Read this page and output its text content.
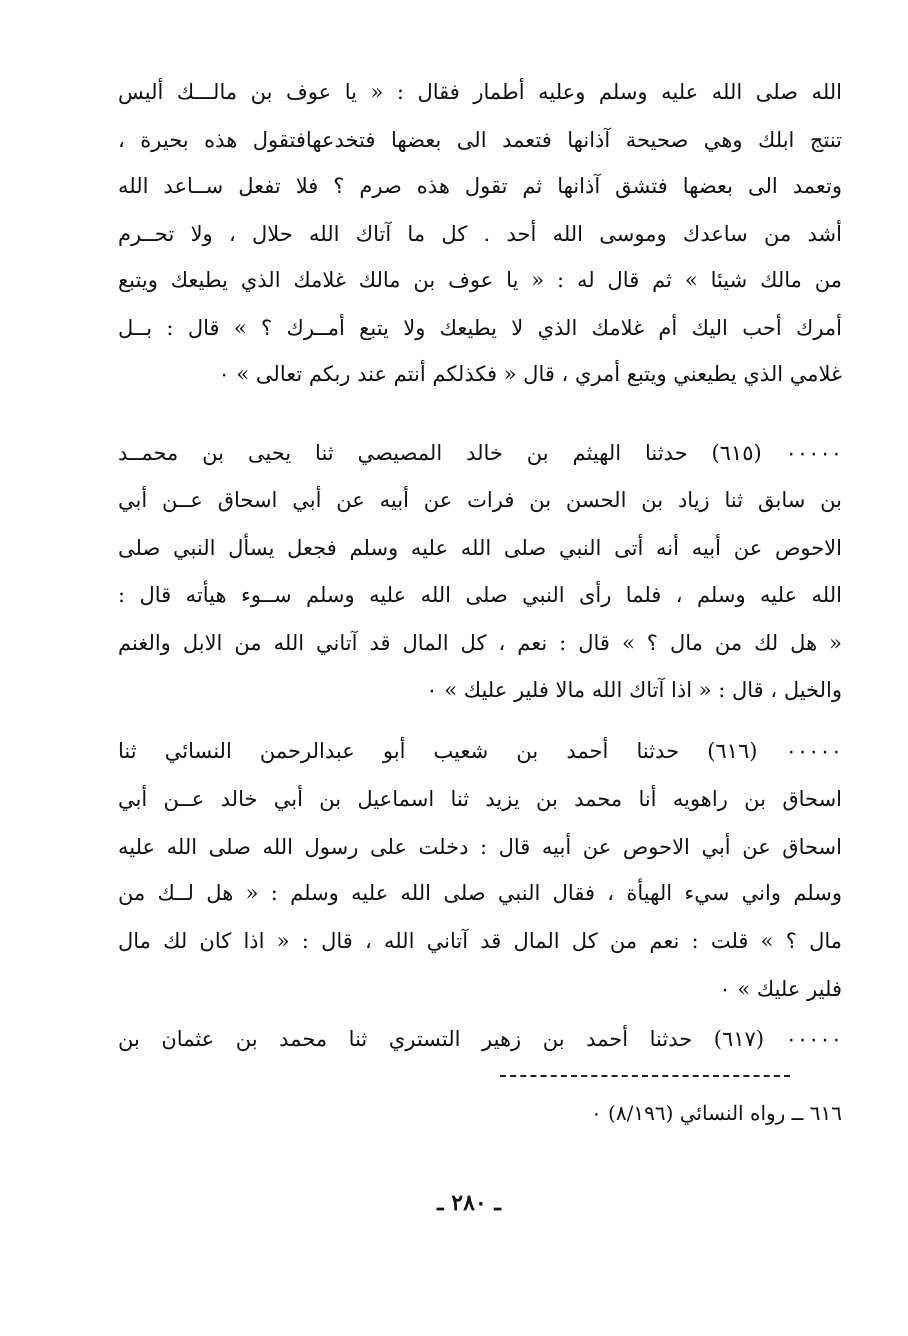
الله صلى الله عليه وسلم وعليه أطمار فقال : « يا عوف بن مالـــك أليس
تنتج ابلك وهي صحيحة آذانها فتعمد الى بعضها فتخدعهافتقول هذه بحيرة ،
وتعمد الى بعضها فتشق آذانها ثم تقول هذه صرم ؟ فلا تفعل ســاعد الله
أشد من ساعدك وموسى الله أحد . كل ما آتاك الله حلال ، ولا تحــرم
من مالك شيئا » ثم قال له : « يا عوف بن مالك غلامك الذي يطيعك ويتبع
أمرك أحب اليك أم غلامك الذي لا يطيعك ولا يتبع أمــرك ؟ » قال : بــل
غلامي الذي يطيعني ويتبع أمري ، قال « فكذلكم أنتم عند ربكم تعالى » ٠
٠٠٠٠٠ (٦١٥) حدثنا الهيثم بن خالد المصيصي ثنا يحيى بن محمــد
بن سابق ثنا زياد بن الحسن بن فرات عن أبيه عن أبي اسحاق عــن أبي
الاحوص عن أبيه أنه أتى النبي صلى الله عليه وسلم فجعل يسأل النبي صلى
الله عليه وسلم ، فلما رأى النبي صلى الله عليه وسلم ســوء هيأته قال :
« هل لك من مال ؟ » قال : نعم ، كل المال قد آتاني الله من الابل والغنم
والخيل ، قال : « اذا آتاك الله مالا فلير عليك » ٠
٠٠٠٠٠ (٦١٦) حدثنا أحمد بن شعيب أبو عبدالرحمن النسائي ثنا
اسحاق بن راهويه أنا محمد بن يزيد ثنا اسماعيل بن أبي خالد عــن أبي
اسحاق عن أبي الاحوص عن أبيه قال : دخلت على رسول الله صلى الله عليه
وسلم واني سيء الهيأة ، فقال النبي صلى الله عليه وسلم : « هل لــك من
مال ؟ » قلت : نعم من كل المال قد آتاني الله ، قال : « اذا كان لك مال
فلير عليك » ٠
٠٠٠٠٠ (٦١٧) حدثنا أحمد بن زهير التستري ثنا محمد بن عثمان بن
٦١٦ ــ رواه النسائي (٨/١٩٦) ٠
ـ ٢٨٠ ـ
